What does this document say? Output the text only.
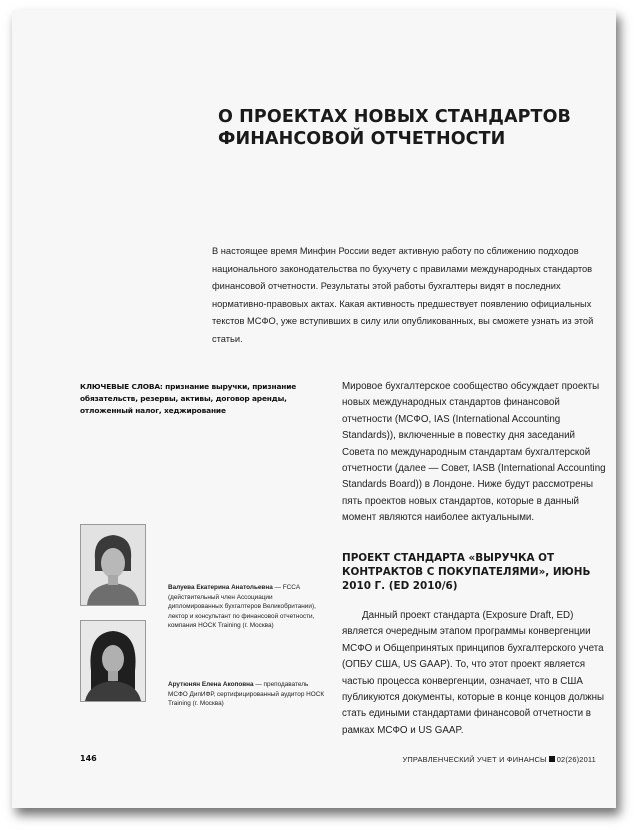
О ПРОЕКТАХ НОВЫХ СТАНДАРТОВ
ФИНАНСОВОЙ ОТЧЕТНОСТИ
В настоящее время Минфин России ведет активную работу по сближению подходов национального законодательства по бухучету с правилами международных стандартов финансовой отчетности. Результаты этой работы бухгалтеры видят в последних нормативно-правовых актах. Какая активность предшествует появлению официальных текстов МСФО, уже вступивших в силу или опубликованных, вы сможете узнать из этой статьи.
КЛЮЧЕВЫЕ СЛОВА: признание выручки, признание обязательств, резервы, активы, договор аренды, отложенный налог, хеджирование
Мировое бухгалтерское сообщество обсуждает проекты новых международных стандартов финансовой отчетности (МСФО, IAS (International Accounting Standards)), включенные в повестку дня заседаний Совета по международным стандартам бухгалтерской отчетности (далее — Совет, IASB (International Accounting Standards Board)) в Лондоне. Ниже будут рассмотрены пять проектов новых стандартов, которые в данный момент являются наиболее актуальными.
ПРОЕКТ СТАНДАРТА «ВЫРУЧКА ОТ КОНТРАКТОВ С ПОКУПАТЕЛЯМИ», ИЮНЬ 2010 Г. (ED 2010/6)
Данный проект стандарта (Exposure Draft, ED) является очередным этапом программы конвергенции МСФО и Общепринятых принципов бухгалтерского учета (ОПБУ США, US GAAP). То, что этот проект является частью процесса конвергенции, означает, что в США публикуются документы, которые в конце концов должны стать едиными стандартами финансовой отчетности в рамках МСФО и US GAAP.
Валуева Екатерина Анатольевна — FCCA (действительный член Ассоциации дипломированных бухгалтеров Великобритании), лектор и консультант по финансовой отчетности, компания НОСК Training (г. Москва)
Арутюнян Елена Акоповна — преподаватель МСФО ДипИФР, сертифицированный аудитор НОСК Training (г. Москва)
146	УПРАВЛЕНЧЕСКИЙ УЧЕТ И ФИНАНСЫ 02(26)2011
